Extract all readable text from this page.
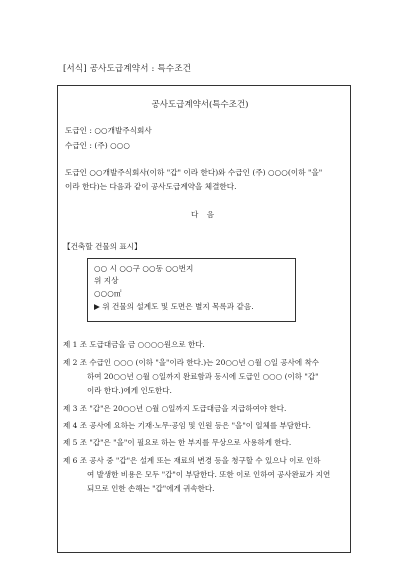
[서식] 공사도급계약서 : 특수조건
공사도급계약서(특수조건)
도급인 : ○○개발주식회사
수급인 : (주) ○○○
도급인 ○○개발주식회사(이하 "갑" 이라 한다)와 수급인 (주) ○○○(이하 "을"
이라 한다)는 다음과 같이 공사도급계약을 체결한다.
다 음
【건축할 건물의 표시】
○○ 시 ○○구 ○○동 ○○번지
위 지상
○○○㎡
▶ 위 건물의 설계도 및 도면은 별지 목록과 같음.
제 1 조 도급대금을 금 ○○○○원으로 한다.
제 2 조 수급인 ○○○ (이하 "을"이라 한다.)는 20○○년 ○월 ○일 공사에 착수
하여 20○○년 ○월 ○일까지 완료함과 동시에 도급인 ○○○ (이하 "갑"
이라 한다.)에게 인도한다.
제 3 조 "갑"은 20○○년 ○월 ○일까지 도급대금을 지급하여야 한다.
제 4 조 공사에 요하는 기재·노무·공임 및 인원 등은 "을"이 일체를 부담한다.
제 5 조 "갑"은 "을"이 필요로 하는 한 부지를 무상으로 사용하게 한다.
제 6 조 공사 중 "갑"은 설계 또는 재료의 변경 등을 청구할 수 있으나 이로 인하
여 발생한 비용은 모두 "갑"이 부담한다. 또한 이로 인하여 공사완료가 지연
되므로 인한 손해는 "갑"에게 귀속한다.
